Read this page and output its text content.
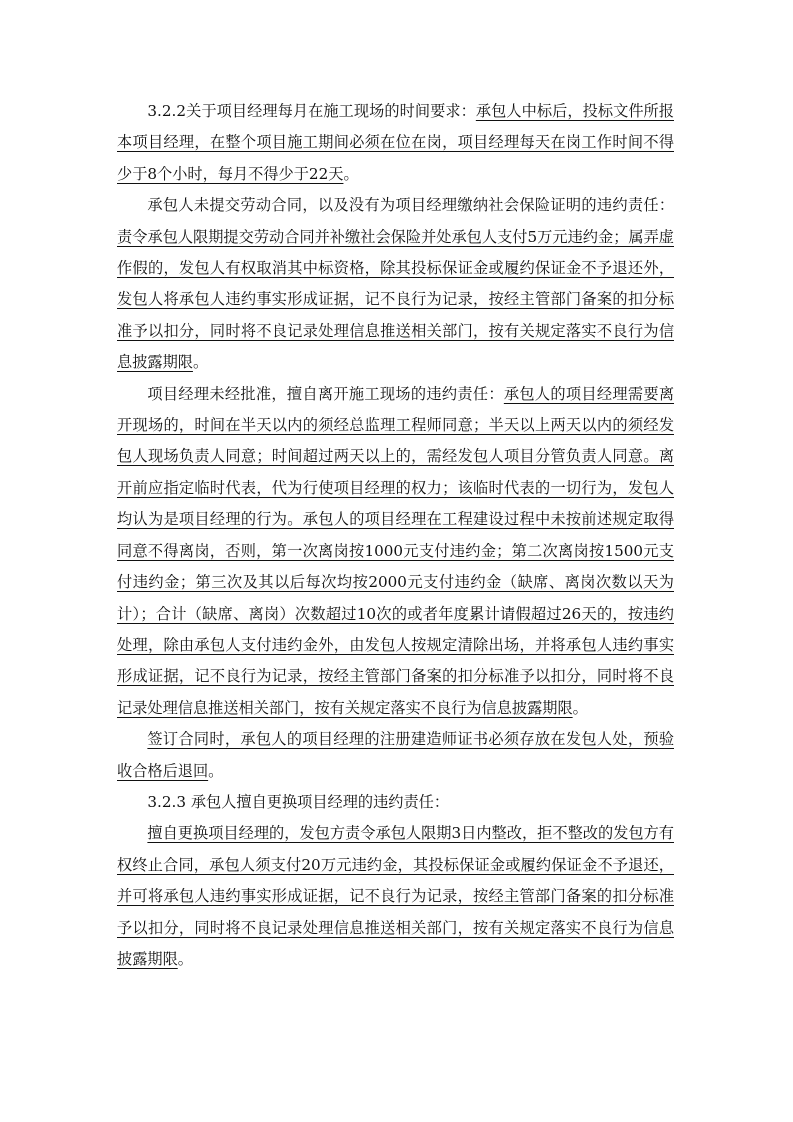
3.2.2关于项目经理每月在施工现场的时间要求：承包人中标后，投标文件所报本项目经理，在整个项目施工期间必须在位在岗，项目经理每天在岗工作时间不得少于8个小时，每月不得少于22天。

承包人未提交劳动合同，以及没有为项目经理缴纳社会保险证明的违约责任：责令承包人限期提交劳动合同并补缴社会保险并处承包人支付5万元违约金；属弄虚作假的，发包人有权取消其中标资格，除其投标保证金或履约保证金不予退还外，发包人将承包人违约事实形成证据，记不良行为记录，按经主管部门备案的扣分标准予以扣分，同时将不良记录处理信息推送相关部门，按有关规定落实不良行为信息披露期限。

项目经理未经批准，擅自离开施工现场的违约责任：承包人的项目经理需要离开现场的，时间在半天以内的须经总监理工程师同意；半天以上两天以内的须经发包人现场负责人同意；时间超过两天以上的，需经发包人项目分管负责人同意。离开前应指定临时代表，代为行使项目经理的权力；该临时代表的一切行为，发包人均认为是项目经理的行为。承包人的项目经理在工程建设过程中未按前述规定取得同意不得离岗，否则，第一次离岗按1000元支付违约金；第二次离岗按1500元支付违约金；第三次及其以后每次均按2000元支付违约金（缺席、离岗次数以天为计）；合计（缺席、离岗）次数超过10次的或者年度累计请假超过26天的，按违约处理，除由承包人支付违约金外，由发包人按规定清除出场，并将承包人违约事实形成证据，记不良行为记录，按经主管部门备案的扣分标准予以扣分，同时将不良记录处理信息推送相关部门，按有关规定落实不良行为信息披露期限。

签订合同时，承包人的项目经理的注册建造师证书必须存放在发包人处，预验收合格后退回。

3.2.3 承包人擅自更换项目经理的违约责任：

擅自更换项目经理的，发包方责令承包人限期3日内整改，拒不整改的发包方有权终止合同，承包人须支付20万元违约金，其投标保证金或履约保证金不予退还，并可将承包人违约事实形成证据，记不良行为记录，按经主管部门备案的扣分标准予以扣分，同时将不良记录处理信息推送相关部门，按有关规定落实不良行为信息披露期限。
